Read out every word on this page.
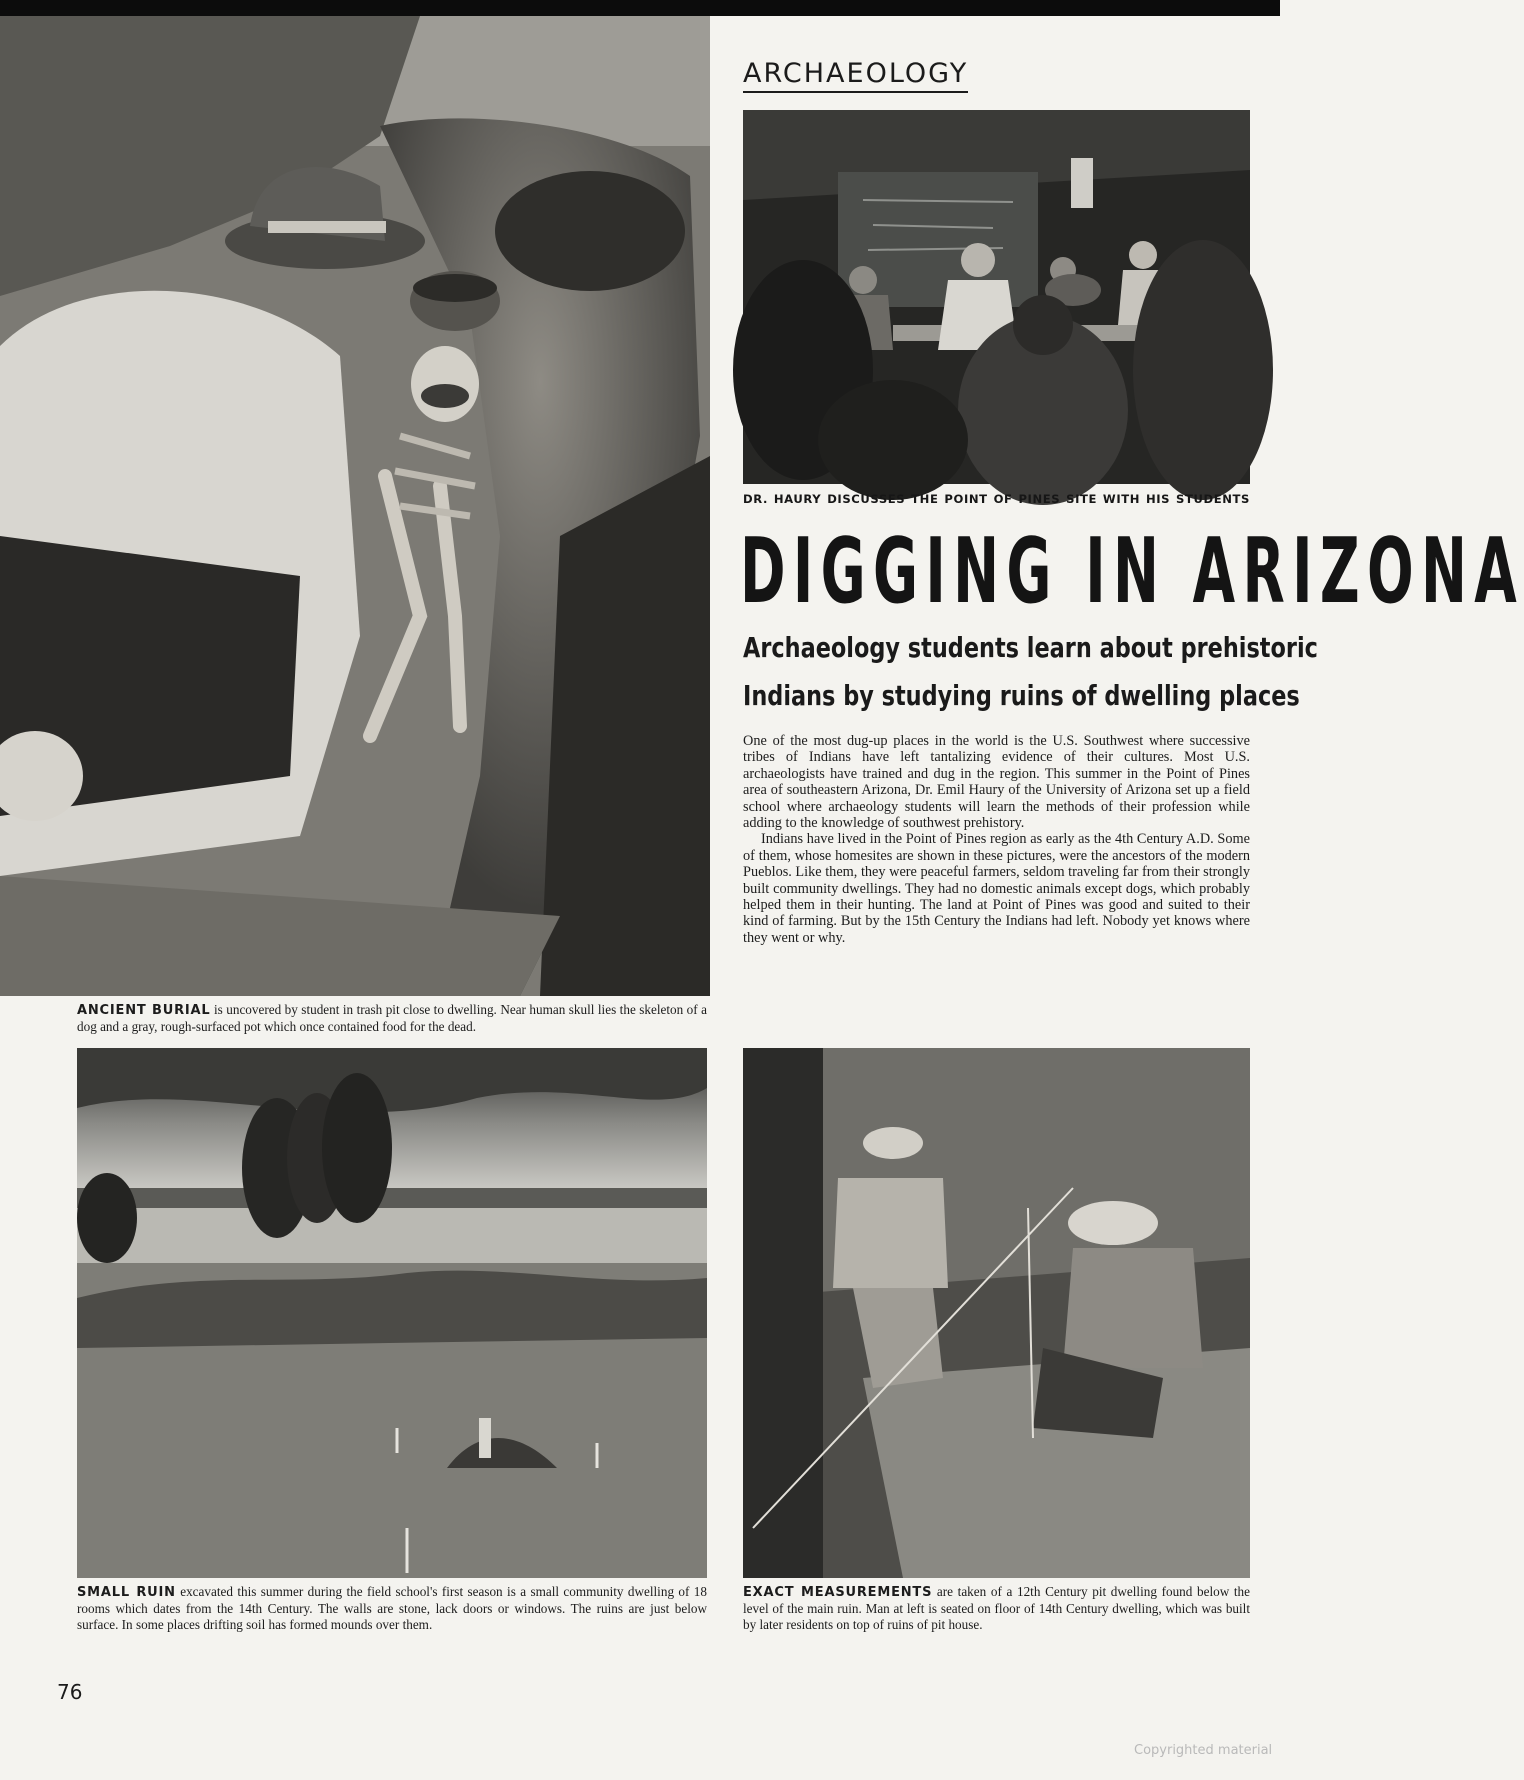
ARCHAEOLOGY
DR. HAURY DISCUSSES THE POINT OF PINES SITE WITH HIS STUDENTS
DIGGING IN ARIZONA
Archaeology students learn about prehistoric
Indians by studying ruins of dwelling places

One of the most dug-up places in the world is the U.S. Southwest where successive tribes of Indians have left tantalizing evidence of their cultures. Most U.S. archaeologists have trained and dug in the region. This summer in the Point of Pines area of southeastern Arizona, Dr. Emil Haury of the University of Arizona set up a field school where archaeology students will learn the methods of their profession while adding to the knowledge of southwest prehistory.

Indians have lived in the Point of Pines region as early as the 4th Century A.D. Some of them, whose homesites are shown in these pictures, were the ancestors of the modern Pueblos. Like them, they were peaceful farmers, seldom traveling far from their strongly built community dwellings. They had no domestic animals except dogs, which probably helped them in their hunting. The land at Point of Pines was good and suited to their kind of farming. But by the 15th Century the Indians had left. Nobody yet knows where they went or why.

ANCIENT BURIAL is uncovered by student in trash pit close to dwelling. Near human skull lies the skeleton of a dog and a gray, rough-surfaced pot which once contained food for the dead.
SMALL RUIN excavated this summer during the field school's first season is a small community dwelling of 18 rooms which dates from the 14th Century. The walls are stone, lack doors or windows. The ruins are just below surface. In some places drifting soil has formed mounds over them.
EXACT MEASUREMENTS are taken of a 12th Century pit dwelling found below the level of the main ruin. Man at left is seated on floor of 14th Century dwelling, which was built by later residents on top of ruins of pit house.
76
Copyrighted material
